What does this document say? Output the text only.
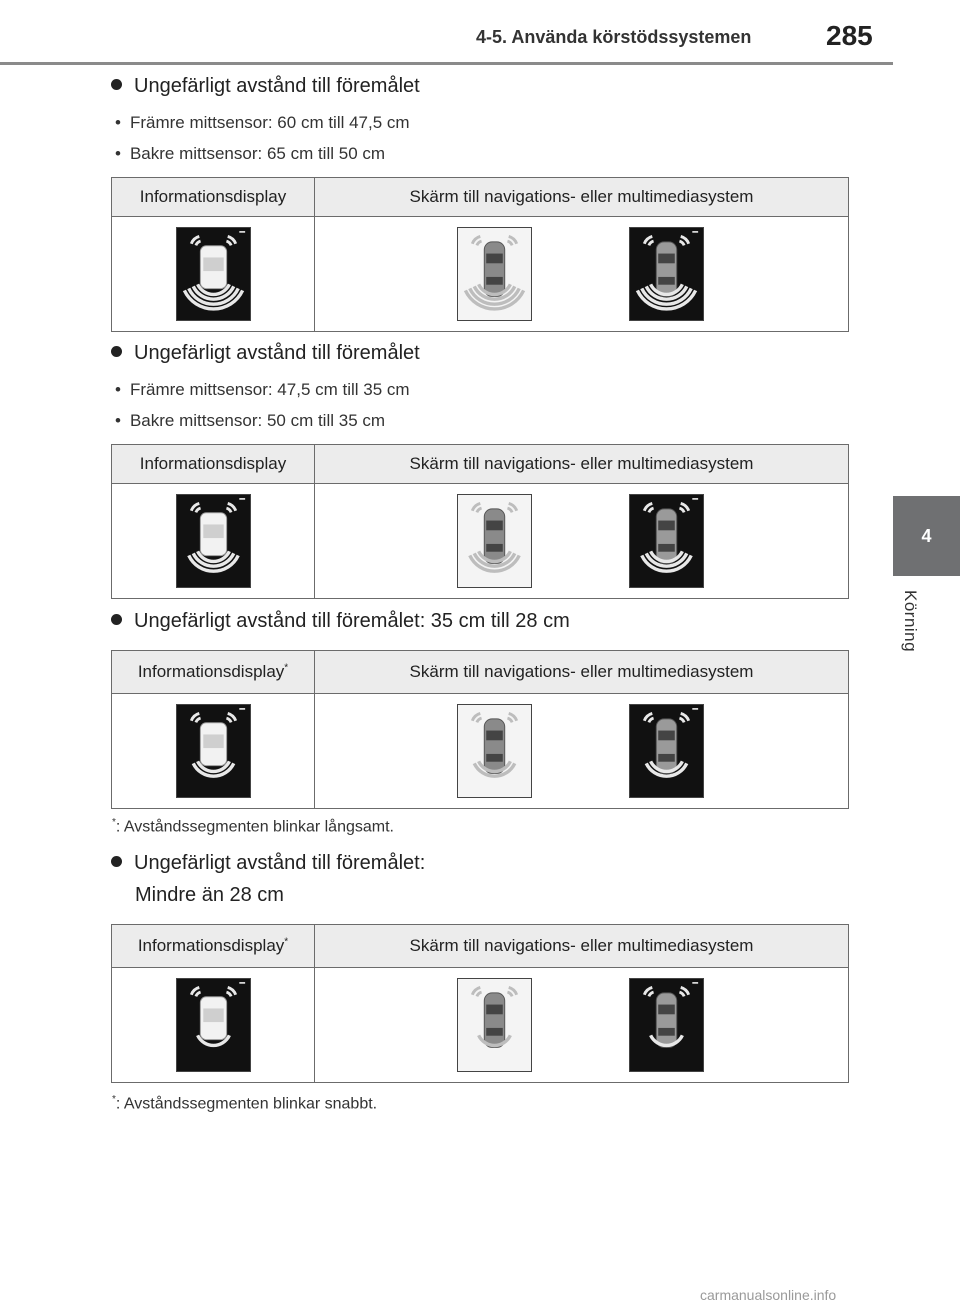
4-5. Använda körstödssystemen	285
4
Körning
Ungefärligt avstånd till föremålet
• Främre mittsensor: 60 cm till 47,5 cm
• Bakre mittsensor: 65 cm till 50 cm
Informationsdisplay	Skärm till navigations- eller multimediasystem

Ungefärligt avstånd till föremålet
• Främre mittsensor: 47,5 cm till 35 cm
• Bakre mittsensor: 50 cm till 35 cm
Informationsdisplay	Skärm till navigations- eller multimediasystem

Ungefärligt avstånd till föremålet: 35 cm till 28 cm
Informationsdisplay*	Skärm till navigations- eller multimediasystem

*: Avståndssegmenten blinkar långsamt.
Ungefärligt avstånd till föremålet:
Mindre än 28 cm
Informationsdisplay*	Skärm till navigations- eller multimediasystem

*: Avståndssegmenten blinkar snabbt.
carmanualsonline.info
